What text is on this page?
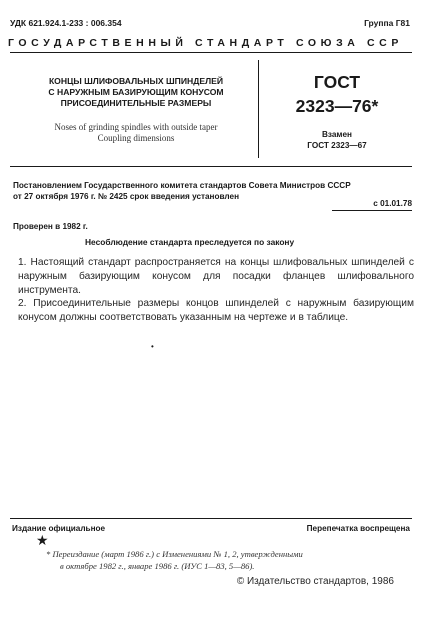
УДК 621.924.1-233 : 006.354	Группа Г81
ГОСУДАРСТВЕННЫЙ СТАНДАРТ СОЮЗА ССР
КОНЦЫ ШЛИФОВАЛЬНЫХ ШПИНДЕЛЕЙ
С НАРУЖНЫМ БАЗИРУЮЩИМ КОНУСОМ
ПРИСОЕДИНИТЕЛЬНЫЕ РАЗМЕРЫ
Noses of grinding spindles with outside taper
Coupling dimensions
ГОСТ
2323—76*
Взамен
ГОСТ 2323—67
Постановлением Государственного комитета стандартов Совета Министров СССР
от 27 октября 1976 г. № 2425 срок введения установлен
с 01.01.78
Проверен в 1982 г.
Несоблюдение стандарта преследуется по закону
1. Настоящий стандарт распространяется на концы шлифовальных шпинделей с наружным базирующим конусом для посадки фланцев шлифовального инструмента.
2. Присоединительные размеры концов шпинделей с наружным базирующим конусом должны соответствовать указанным на чертеже и в таблице.
•
Издание официальное	Перепечатка воспрещена
★
* Переиздание (март 1986 г.) с Изменениями № 1, 2, утвержденными
в октябре 1982 г., январе 1986 г. (ИУС 1—83, 5—86).
© Издательство стандартов, 1986
